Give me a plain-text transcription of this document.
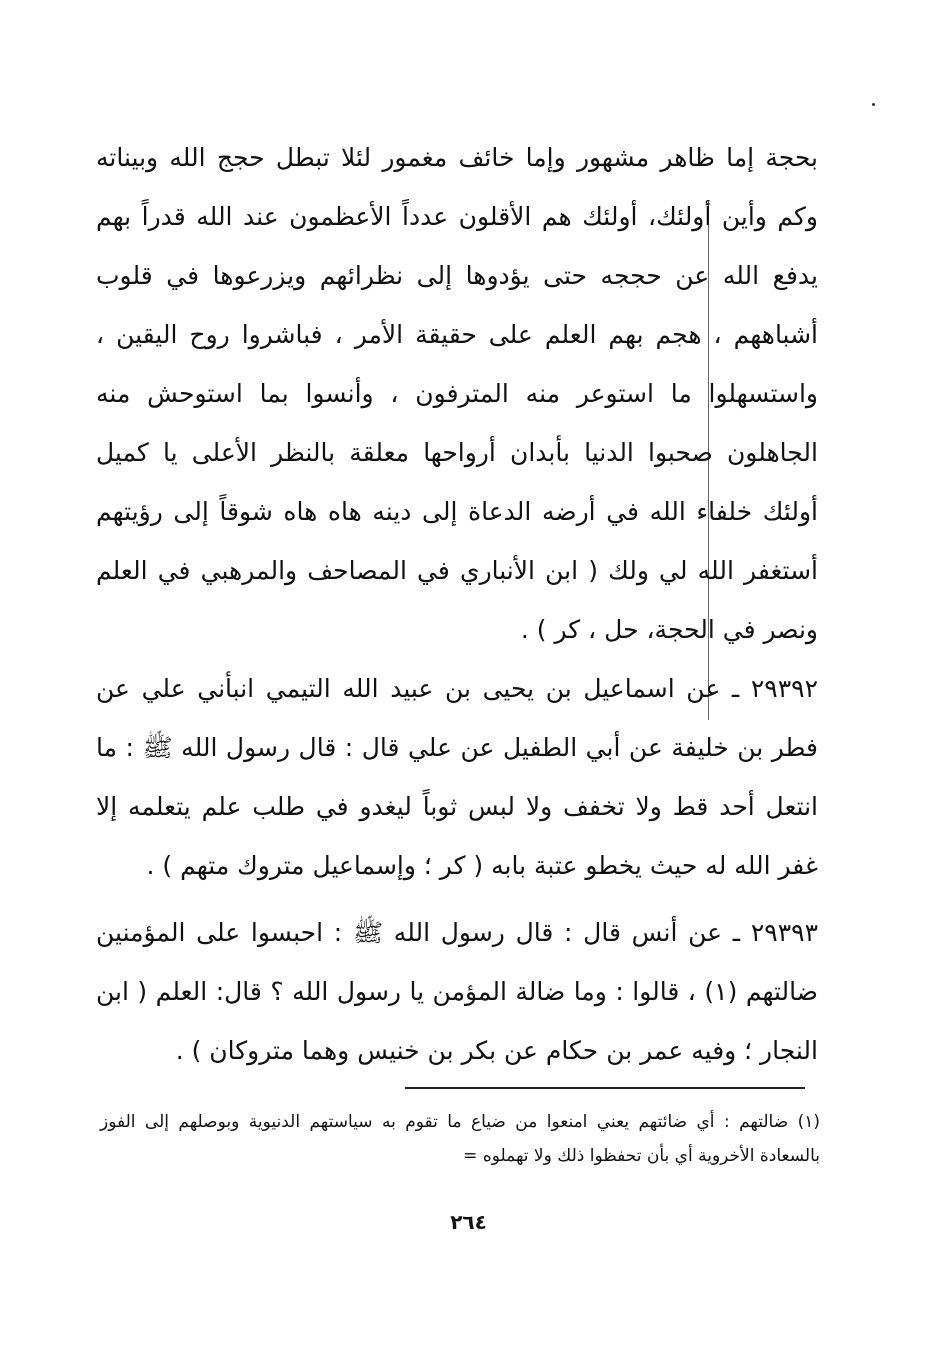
بحجة إما ظاهر مشهور وإما خائف مغمور لئلا تبطل حجج الله وبيناته وكم وأين أولئك، أولئك هم الأقلون عدداً الأعظمون عند الله قدراً بهم يدفع الله عن حججه حتى يؤدوها إلى نظرائهم ويزرعوها في قلوب أشباههم ، هجم بهم العلم على حقيقة الأمر ، فباشروا روح اليقين ، واستسهلوا ما استوعر منه المترفون ، وأنسوا بما استوحش منه الجاهلون صحبوا الدنيا بأبدان أرواحها معلقة بالنظر الأعلى يا كميل أولئك خلفاء الله في أرضه الدعاة إلى دينه هاه هاه شوقاً إلى رؤيتهم أستغفر الله لي ولك ( ابن الأنباري في المصاحف والمرهبي في العلم ونصر في الحجة، حل ، كر ) .

٢٩٣٩٢ ـ عن اسماعيل بن يحيى بن عبيد الله التيمي انبأني علي عن فطر بن خليفة عن أبي الطفيل عن علي قال : قال رسول الله ﷺ : ما انتعل أحد قط ولا تخفف ولا لبس ثوباً ليغدو في طلب علم يتعلمه إلا غفر الله له حيث يخطو عتبة بابه ( كر ؛ وإسماعيل متروك متهم ) .

٢٩٣٩٣ ـ عن أنس قال : قال رسول الله ﷺ : احبسوا على المؤمنين ضالتهم (١) ، قالوا : وما ضالة المؤمن يا رسول الله ؟ قال: العلم ( ابن النجار ؛ وفيه عمر بن حكام عن بكر بن خنيس وهما متروكان ) .

(١) ضالتهم : أي ضائتهم يعني امنعوا من ضياع ما تقوم به سياستهم الدنيوية وبوصلهم إلى الفوز بالسعادة الأخروية أي بأن تحفظوا ذلك ولا تهملوه =

٢٦٤
